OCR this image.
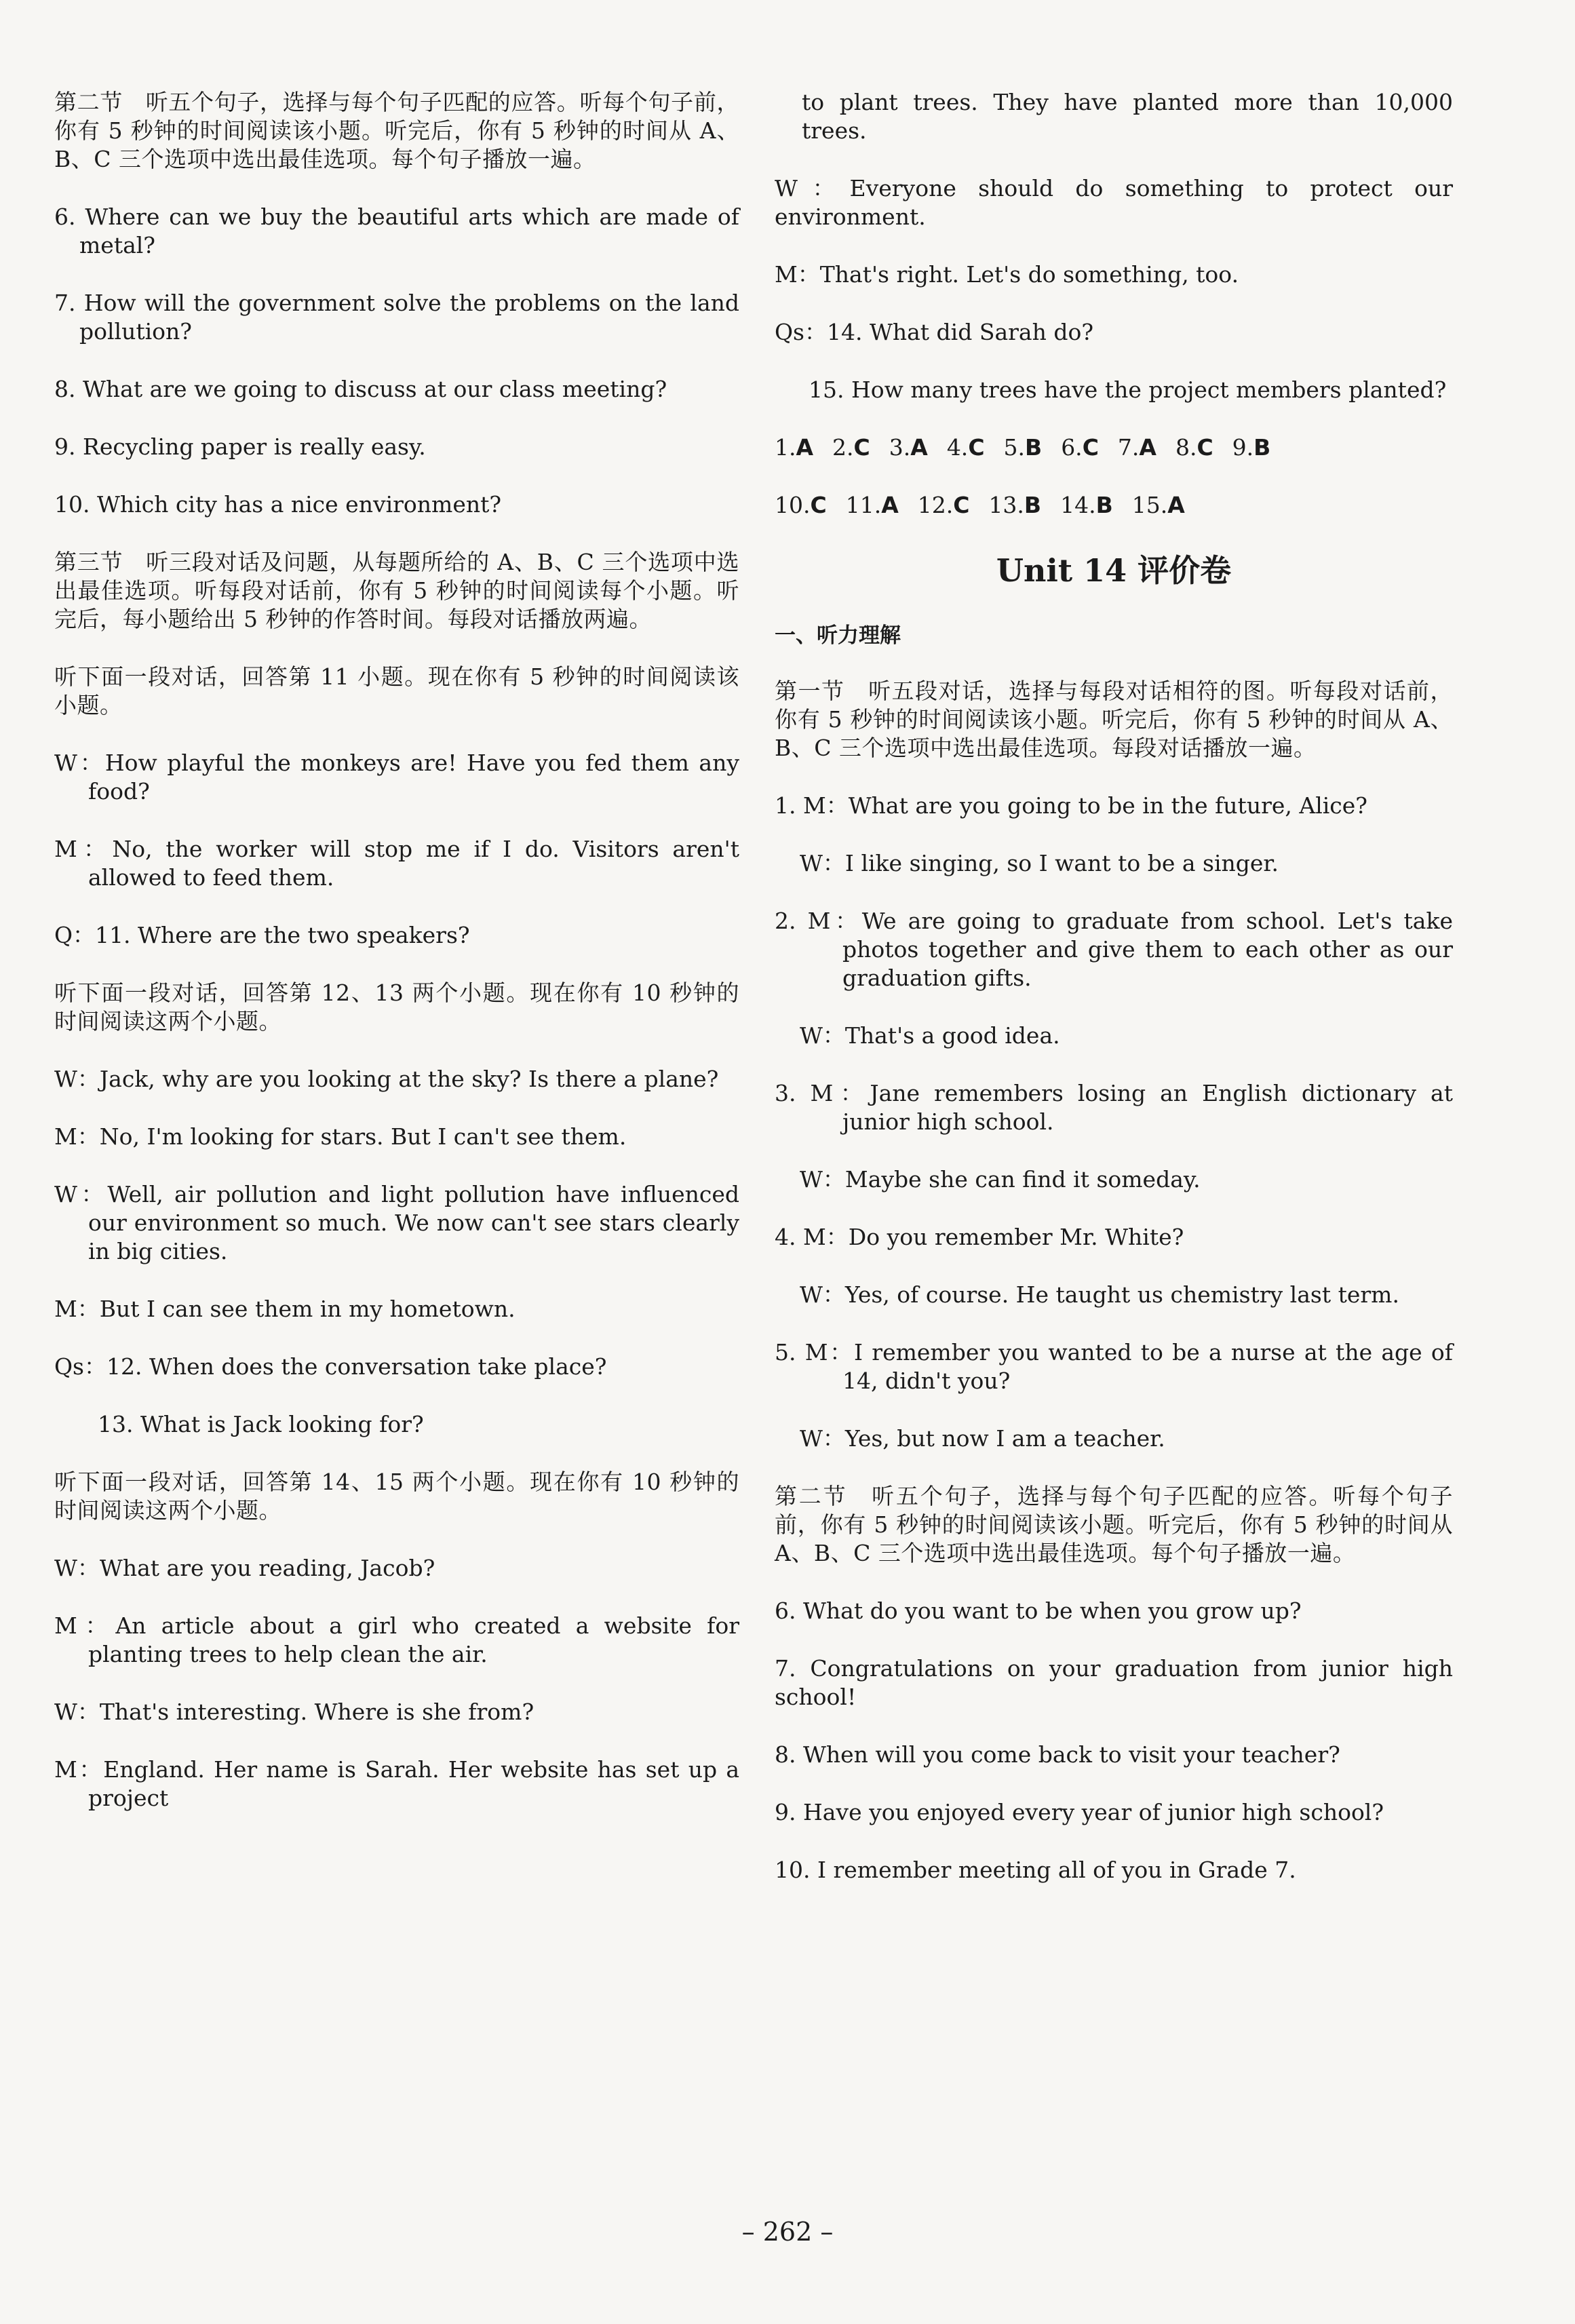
第二节　听五个句子，选择与每个句子匹配的应答。听每个句子前，你有 5 秒钟的时间阅读该小题。听完后，你有 5 秒钟的时间从 A、B、C 三个选项中选出最佳选项。每个句子播放一遍。

6. Where can we buy the beautiful arts which are made of metal?

7. How will the government solve the problems on the land pollution?

8. What are we going to discuss at our class meeting?

9. Recycling paper is really easy.

10. Which city has a nice environment?

第三节　听三段对话及问题，从每题所给的 A、B、C 三个选项中选出最佳选项。听每段对话前，你有 5 秒钟的时间阅读每个小题。听完后，每小题给出 5 秒钟的作答时间。每段对话播放两遍。

听下面一段对话，回答第 11 小题。现在你有 5 秒钟的时间阅读该小题。

W：How playful the monkeys are! Have you fed them any food?

M：No, the worker will stop me if I do. Visitors aren't allowed to feed them.

Q：11. Where are the two speakers?

听下面一段对话，回答第 12、13 两个小题。现在你有 10 秒钟的时间阅读这两个小题。

W：Jack, why are you looking at the sky? Is there a plane?

M：No, I'm looking for stars. But I can't see them.

W：Well, air pollution and light pollution have influenced our environment so much. We now can't see stars clearly in big cities.

M：But I can see them in my hometown.

Qs：12. When does the conversation take place?

13. What is Jack looking for?

听下面一段对话，回答第 14、15 两个小题。现在你有 10 秒钟的时间阅读这两个小题。

W：What are you reading, Jacob?

M：An article about a girl who created a website for planting trees to help clean the air.

W：That's interesting. Where is she from?

M：England. Her name is Sarah. Her website has set up a project

to plant trees. They have planted more than 10,000 trees.

W：Everyone should do something to protect our environment.

M：That's right. Let's do something, too.

Qs：14. What did Sarah do?

15. How many trees have the project members planted?

1.A 2.C 3.A 4.C 5.B 6.C 7.A 8.C 9.B
10.C 11.A 12.C 13.B 14.B 15.A
Unit 14 评价卷
一、听力理解

第一节　听五段对话，选择与每段对话相符的图。听每段对话前，你有 5 秒钟的时间阅读该小题。听完后，你有 5 秒钟的时间从 A、B、C 三个选项中选出最佳选项。每段对话播放一遍。

1. M：What are you going to be in the future, Alice?

W：I like singing, so I want to be a singer.

2. M：We are going to graduate from school. Let's take photos together and give them to each other as our graduation gifts.

W：That's a good idea.

3. M：Jane remembers losing an English dictionary at junior high school.

W：Maybe she can find it someday.

4. M：Do you remember Mr. White?

W：Yes, of course. He taught us chemistry last term.

5. M：I remember you wanted to be a nurse at the age of 14, didn't you?

W：Yes, but now I am a teacher.

第二节　听五个句子，选择与每个句子匹配的应答。听每个句子前，你有 5 秒钟的时间阅读该小题。听完后，你有 5 秒钟的时间从 A、B、C 三个选项中选出最佳选项。每个句子播放一遍。

6. What do you want to be when you grow up?

7. Congratulations on your graduation from junior high school!

8. When will you come back to visit your teacher?

9. Have you enjoyed every year of junior high school?

10. I remember meeting all of you in Grade 7.

– 262 –
